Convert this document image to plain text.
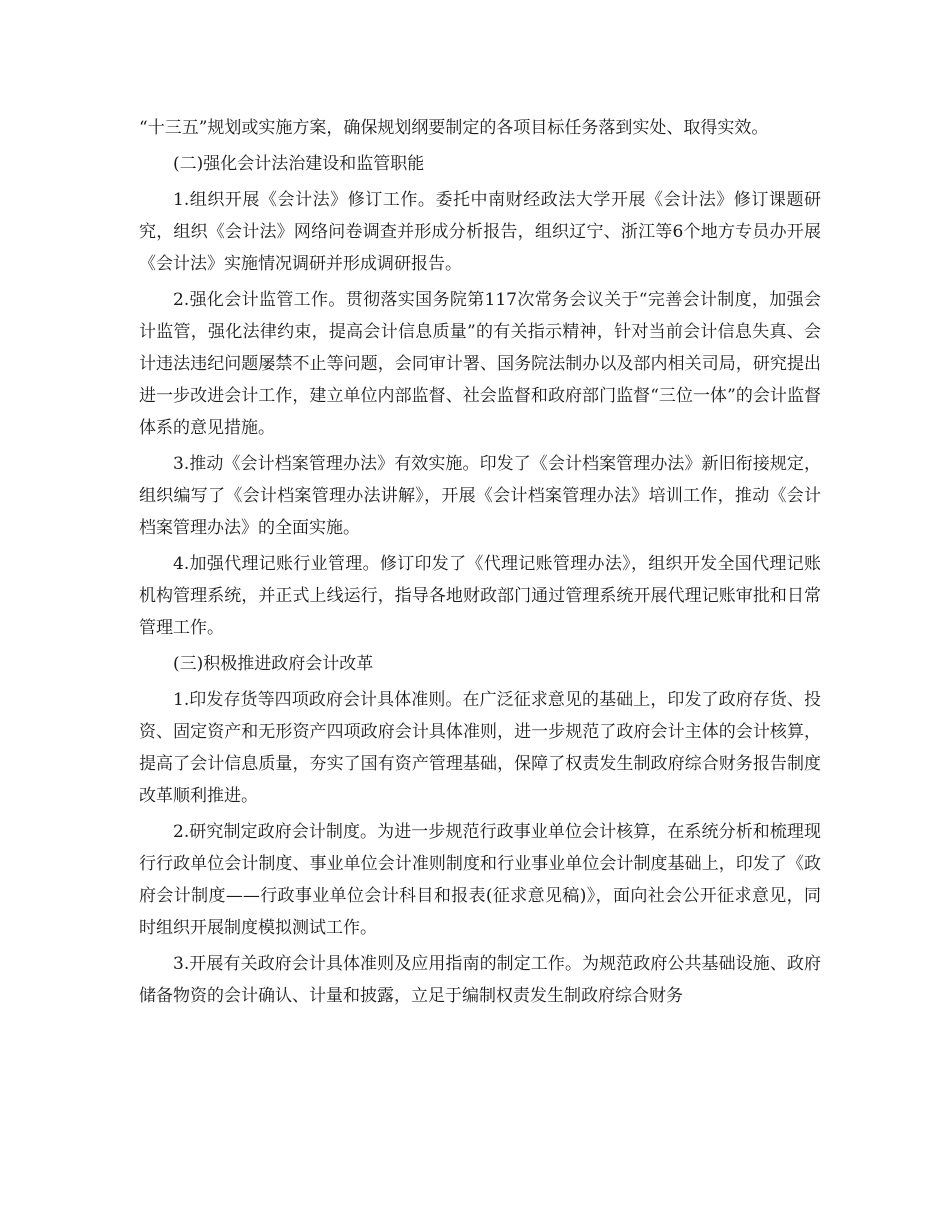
“十三五”规划或实施方案，确保规划纲要制定的各项目标任务落到实处、取得实效。

(二)强化会计法治建设和监管职能

1.组织开展《会计法》修订工作。委托中南财经政法大学开展《会计法》修订课题研究，组织《会计法》网络问卷调查并形成分析报告，组织辽宁、浙江等6个地方专员办开展《会计法》实施情况调研并形成调研报告。

2.强化会计监管工作。贯彻落实国务院第117次常务会议关于“完善会计制度，加强会计监管，强化法律约束，提高会计信息质量”的有关指示精神，针对当前会计信息失真、会计违法违纪问题屡禁不止等问题，会同审计署、国务院法制办以及部内相关司局，研究提出进一步改进会计工作，建立单位内部监督、社会监督和政府部门监督“三位一体”的会计监督体系的意见措施。

3.推动《会计档案管理办法》有效实施。印发了《会计档案管理办法》新旧衔接规定，组织编写了《会计档案管理办法讲解》，开展《会计档案管理办法》培训工作，推动《会计档案管理办法》的全面实施。

4.加强代理记账行业管理。修订印发了《代理记账管理办法》，组织开发全国代理记账机构管理系统，并正式上线运行，指导各地财政部门通过管理系统开展代理记账审批和日常管理工作。

(三)积极推进政府会计改革

1.印发存货等四项政府会计具体准则。在广泛征求意见的基础上，印发了政府存货、投资、固定资产和无形资产四项政府会计具体准则，进一步规范了政府会计主体的会计核算，提高了会计信息质量，夯实了国有资产管理基础，保障了权责发生制政府综合财务报告制度改革顺利推进。

2.研究制定政府会计制度。为进一步规范行政事业单位会计核算，在系统分析和梳理现行行政单位会计制度、事业单位会计准则制度和行业事业单位会计制度基础上，印发了《政府会计制度——行政事业单位会计科目和报表(征求意见稿)》，面向社会公开征求意见，同时组织开展制度模拟测试工作。

3.开展有关政府会计具体准则及应用指南的制定工作。为规范政府公共基础设施、政府储备物资的会计确认、计量和披露，立足于编制权责发生制政府综合财务
